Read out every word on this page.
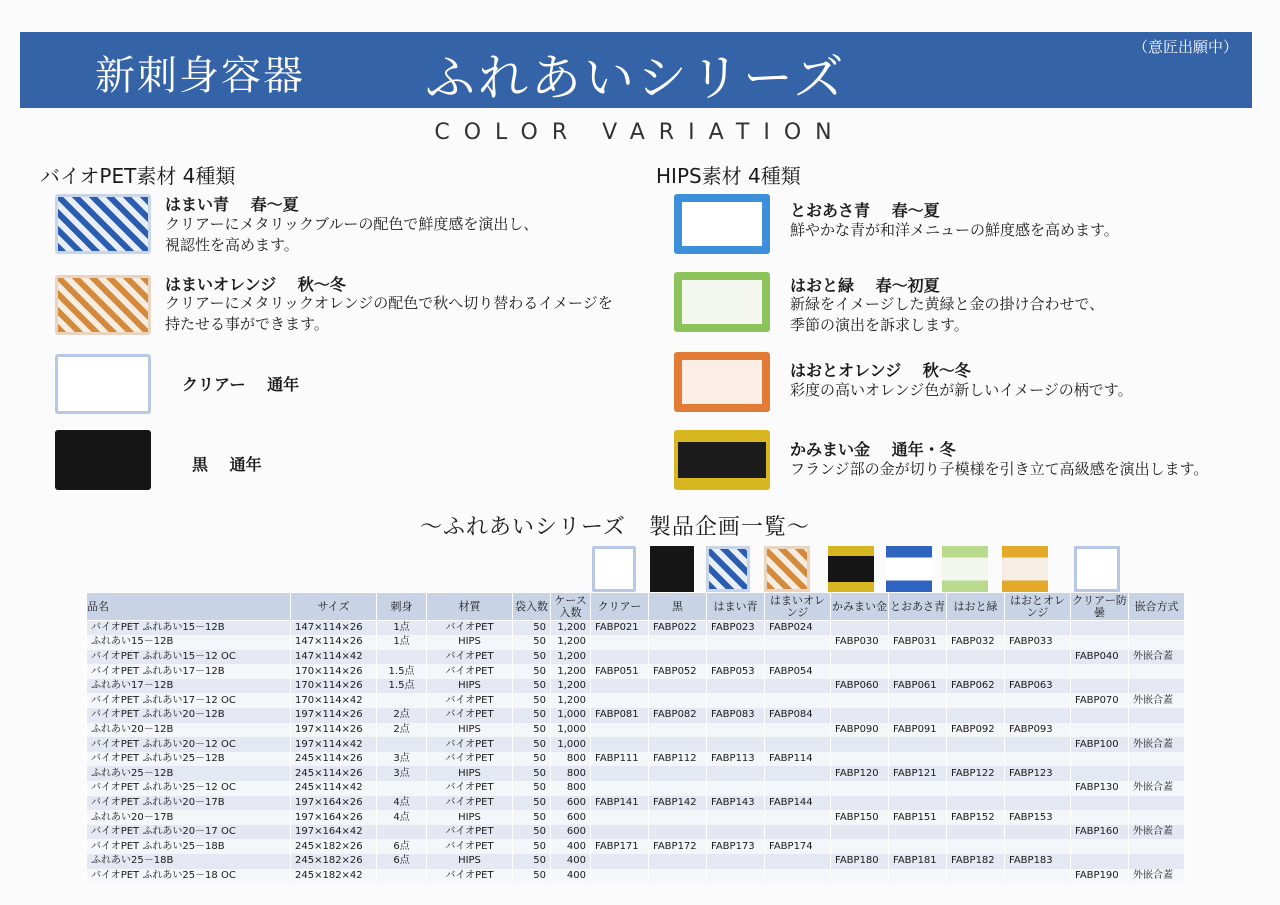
新刺身容器 ふれあいシリーズ
（意匠出願中）
COLOR VARIATION
バイオPET素材 4種類
はまい青　 春～夏
クリアーにメタリックブルーの配色で鮮度感を演出し、
視認性を高めます。
はまいオレンジ　 秋～冬
クリアーにメタリックオレンジの配色で秋へ切り替わるイメージを
持たせる事ができます。
クリアー　 通年
黒　 通年
HIPS素材 4種類
とおあさ青　 春～夏
鮮やかな青が和洋メニューの鮮度感を高めます。
はおと緑　 春～初夏
新緑をイメージした黄緑と金の掛け合わせで、
季節の演出を訴求します。
はおとオレンジ　 秋～冬
彩度の高いオレンジ色が新しいイメージの柄です。
かみまい金　 通年・冬
フランジ部の金が切り子模様を引き立て高級感を演出します。
～ふれあいシリーズ　製品企画一覧～
品名	サイズ	刺身	材質	袋入数	ケース入数	クリアー	黒	はまい青	はまいオレンジ	かみまい金	とおあさ青	はおと緑	はおとオレンジ	クリアー防曇	嵌合方式
バイオPET ふれあい15－12B	147×114×26	1点	バイオPET	50	1,200	FABP021	FABP022	FABP023	FABP024						
ふれあい15－12B	147×114×26	1点	HIPS	50	1,200					FABP030	FABP031	FABP032	FABP033		
バイオPET ふれあい15－12 OC	147×114×42		バイオPET	50	1,200									FABP040	外嵌合蓋
バイオPET ふれあい17－12B	170×114×26	1.5点	バイオPET	50	1,200	FABP051	FABP052	FABP053	FABP054						
ふれあい17－12B	170×114×26	1.5点	HIPS	50	1,200					FABP060	FABP061	FABP062	FABP063		
バイオPET ふれあい17－12 OC	170×114×42		バイオPET	50	1,200									FABP070	外嵌合蓋
バイオPET ふれあい20－12B	197×114×26	2点	バイオPET	50	1,000	FABP081	FABP082	FABP083	FABP084						
ふれあい20－12B	197×114×26	2点	HIPS	50	1,000					FABP090	FABP091	FABP092	FABP093		
バイオPET ふれあい20－12 OC	197×114×42		バイオPET	50	1,000									FABP100	外嵌合蓋
バイオPET ふれあい25－12B	245×114×26	3点	バイオPET	50	800	FABP111	FABP112	FABP113	FABP114						
ふれあい25－12B	245×114×26	3点	HIPS	50	800					FABP120	FABP121	FABP122	FABP123		
バイオPET ふれあい25－12 OC	245×114×42		バイオPET	50	800									FABP130	外嵌合蓋
バイオPET ふれあい20－17B	197×164×26	4点	バイオPET	50	600	FABP141	FABP142	FABP143	FABP144						
ふれあい20－17B	197×164×26	4点	HIPS	50	600					FABP150	FABP151	FABP152	FABP153		
バイオPET ふれあい20－17 OC	197×164×42		バイオPET	50	600									FABP160	外嵌合蓋
バイオPET ふれあい25－18B	245×182×26	6点	バイオPET	50	400	FABP171	FABP172	FABP173	FABP174						
ふれあい25－18B	245×182×26	6点	HIPS	50	400					FABP180	FABP181	FABP182	FABP183		
バイオPET ふれあい25－18 OC	245×182×42		バイオPET	50	400									FABP190	外嵌合蓋
